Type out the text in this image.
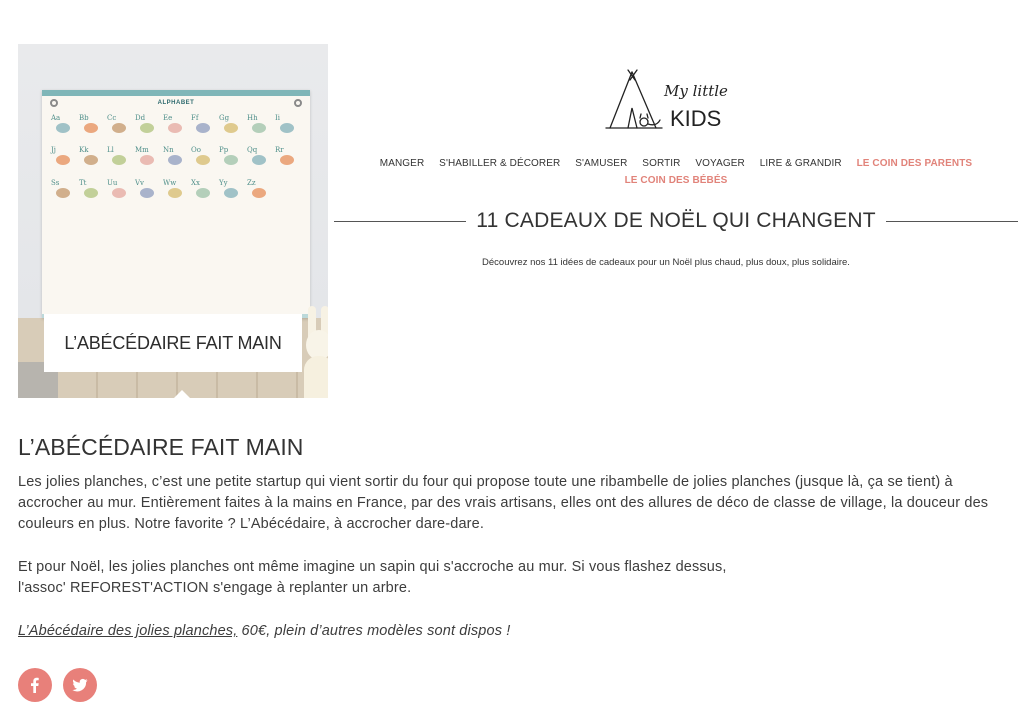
ALPHABET
Aa	Bb	Cc	Dd	Ee	Ff	Gg	Hh Ii
Jj	Kk	Ll	Mm Nn Oo	Pp	Qq	Rr
Ss	Tt	Uu	Vv	Ww Xx	Yy	Zz
L’ABÉCÉDAIRE FAIT MAIN
My little
KIDS
MANGER S'HABILLER & DÉCORER S'AMUSER SORTIR VOYAGER LIRE & GRANDIR LE COIN DES PARENTS
LE COIN DES BÉBÉS
11 CADEAUX DE NOËL QUI CHANGENT
Découvrez nos 11 idées de cadeaux pour un Noël plus chaud, plus doux, plus solidaire.
L’ABÉCÉDAIRE FAIT MAIN

Les jolies planches, c’est une petite startup qui vient sortir du four qui propose toute une ribambelle de jolies planches (jusque là, ça se tient) à accrocher au mur. Entièrement faites à la mains en France, par des vrais artisans, elles ont des allures de déco de classe de village, la douceur des couleurs en plus. Notre favorite ? L’Abécédaire, à accrocher dare-dare.

Et pour Noël, les jolies planches ont même imagine un sapin qui s'accroche au mur. Si vous flashez dessus,
l'assoc' REFOREST'ACTION s'engage à replanter un arbre.

L’Abécédaire des jolies planches, 60€, plein d’autres modèles sont dispos !
